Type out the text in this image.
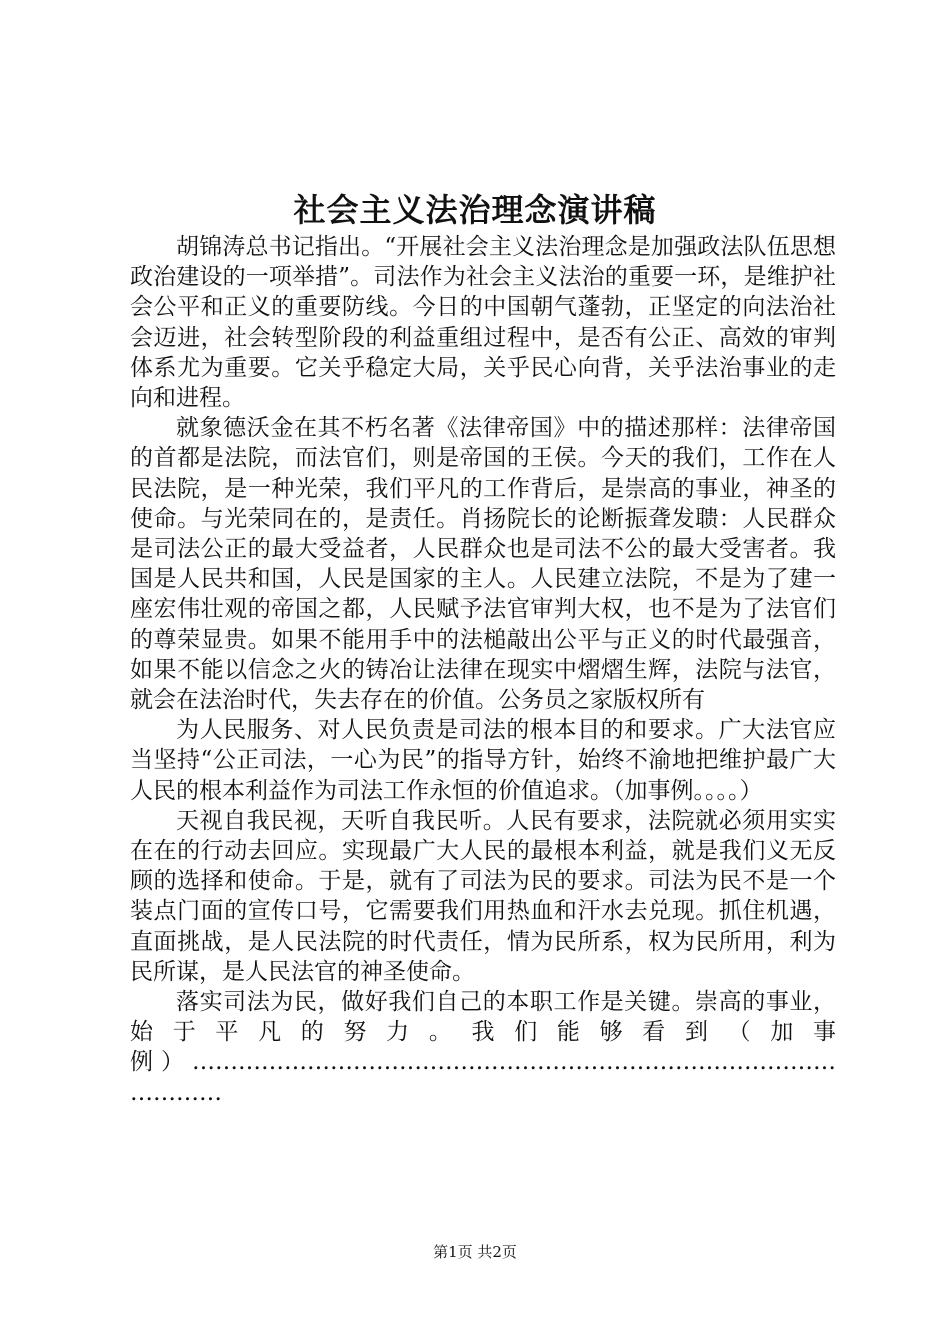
社会主义法治理念演讲稿

胡锦涛总书记指出。“开展社会主义法治理念是加强政法队伍思想政治建设的一项举措”。司法作为社会主义法治的重要一环，是维护社会公平和正义的重要防线。今日的中国朝气蓬勃，正坚定的向法治社会迈进，社会转型阶段的利益重组过程中，是否有公正、高效的审判体系尤为重要。它关乎稳定大局，关乎民心向背，关乎法治事业的走向和进程。

就象德沃金在其不朽名著《法律帝国》中的描述那样：法律帝国的首都是法院，而法官们，则是帝国的王侯。今天的我们，工作在人民法院，是一种光荣，我们平凡的工作背后，是崇高的事业，神圣的使命。与光荣同在的，是责任。肖扬院长的论断振聋发聩：人民群众是司法公正的最大受益者，人民群众也是司法不公的最大受害者。我国是人民共和国，人民是国家的主人。人民建立法院，不是为了建一座宏伟壮观的帝国之都，人民赋予法官审判大权，也不是为了法官们的尊荣显贵。如果不能用手中的法槌敲出公平与正义的时代最强音，如果不能以信念之火的铸冶让法律在现实中熠熠生辉，法院与法官，就会在法治时代，失去存在的价值。公务员之家版权所有

为人民服务、对人民负责是司法的根本目的和要求。广大法官应当坚持“公正司法，一心为民”的指导方针，始终不渝地把维护最广大人民的根本利益作为司法工作永恒的价值追求。（加事例。。。。）

天视自我民视，天听自我民听。人民有要求，法院就必须用实实在在的行动去回应。实现最广大人民的最根本利益，就是我们义无反顾的选择和使命。于是，就有了司法为民的要求。司法为民不是一个装点门面的宣传口号，它需要我们用热血和汗水去兑现。抓住机遇，直面挑战，是人民法院的时代责任，情为民所系，权为民所用，利为民所谋，是人民法官的神圣使命。

落实司法为民，做好我们自己的本职工作是关键。崇高的事业，始于平凡的努力。我们能够看到（加事例）……………………………………………………………………………………

第1页 共2页
